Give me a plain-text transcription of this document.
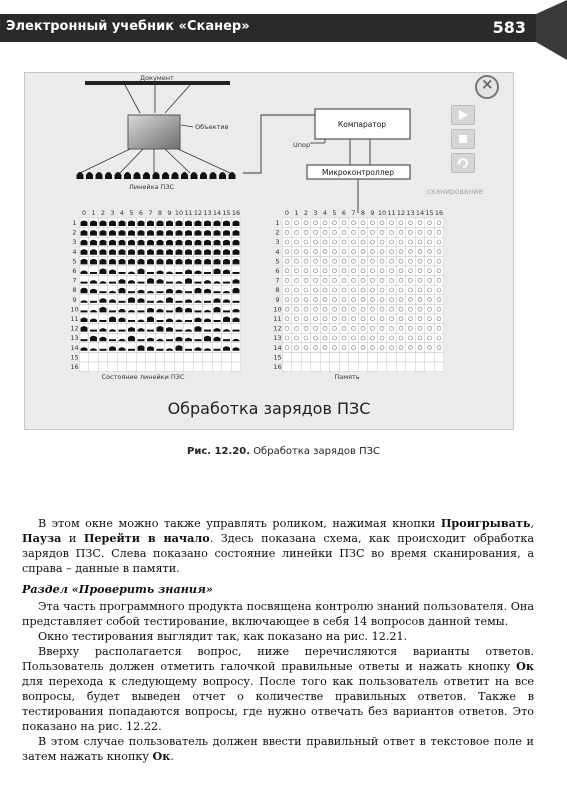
Электронный учебник «Сканер»	583
Документ
Объектив
Линейка ПЗС
Компаратор
Uпор
Микроконтроллер
0 1 2 3 4 5 6 7 8 9 10 11 12 13 14 15 16
1
2
3
4
5
6
7
8
9
10
11
12
13
14
15
16
0 1 2 3 4 5 6 7 8 9 10 11 12 13 14 15 16
1
2
3
4
5
6
7
8
9
10
11
12
13
14
15
16
Состояние линейки ПЗС	Память
×
сканирование
Обработка зарядов ПЗС
Рис. 12.20. Обработка зарядов ПЗС

В этом окне можно также управлять роликом, нажимая кнопки Проигрывать, Пауза и Перейти в начало. Здесь показана схема, как происходит обработка зарядов ПЗС. Слева показано состояние линейки ПЗС во время сканирования, а справа – данные в памяти.

Раздел «Проверить знания»

Эта часть программного продукта посвящена контролю знаний пользователя. Она представляет собой тестирование, включающее в себя 14 вопросов данной темы.

Окно тестирования выглядит так, как показано на рис. 12.21.

Вверху располагается вопрос, ниже перечисляются варианты ответов. Пользователь должен отметить галочкой правильные ответы и нажать кнопку Ок для перехода к следующему вопросу. После того как пользователь ответит на все вопросы, будет выведен отчет о количестве правильных ответов. Также в тестирования попадаются вопросы, где нужно отвечать без вариантов ответов. Это показано на рис. 12.22.

В этом случае пользователь должен ввести правильный ответ в текстовое поле и затем нажать кнопку Ок.
